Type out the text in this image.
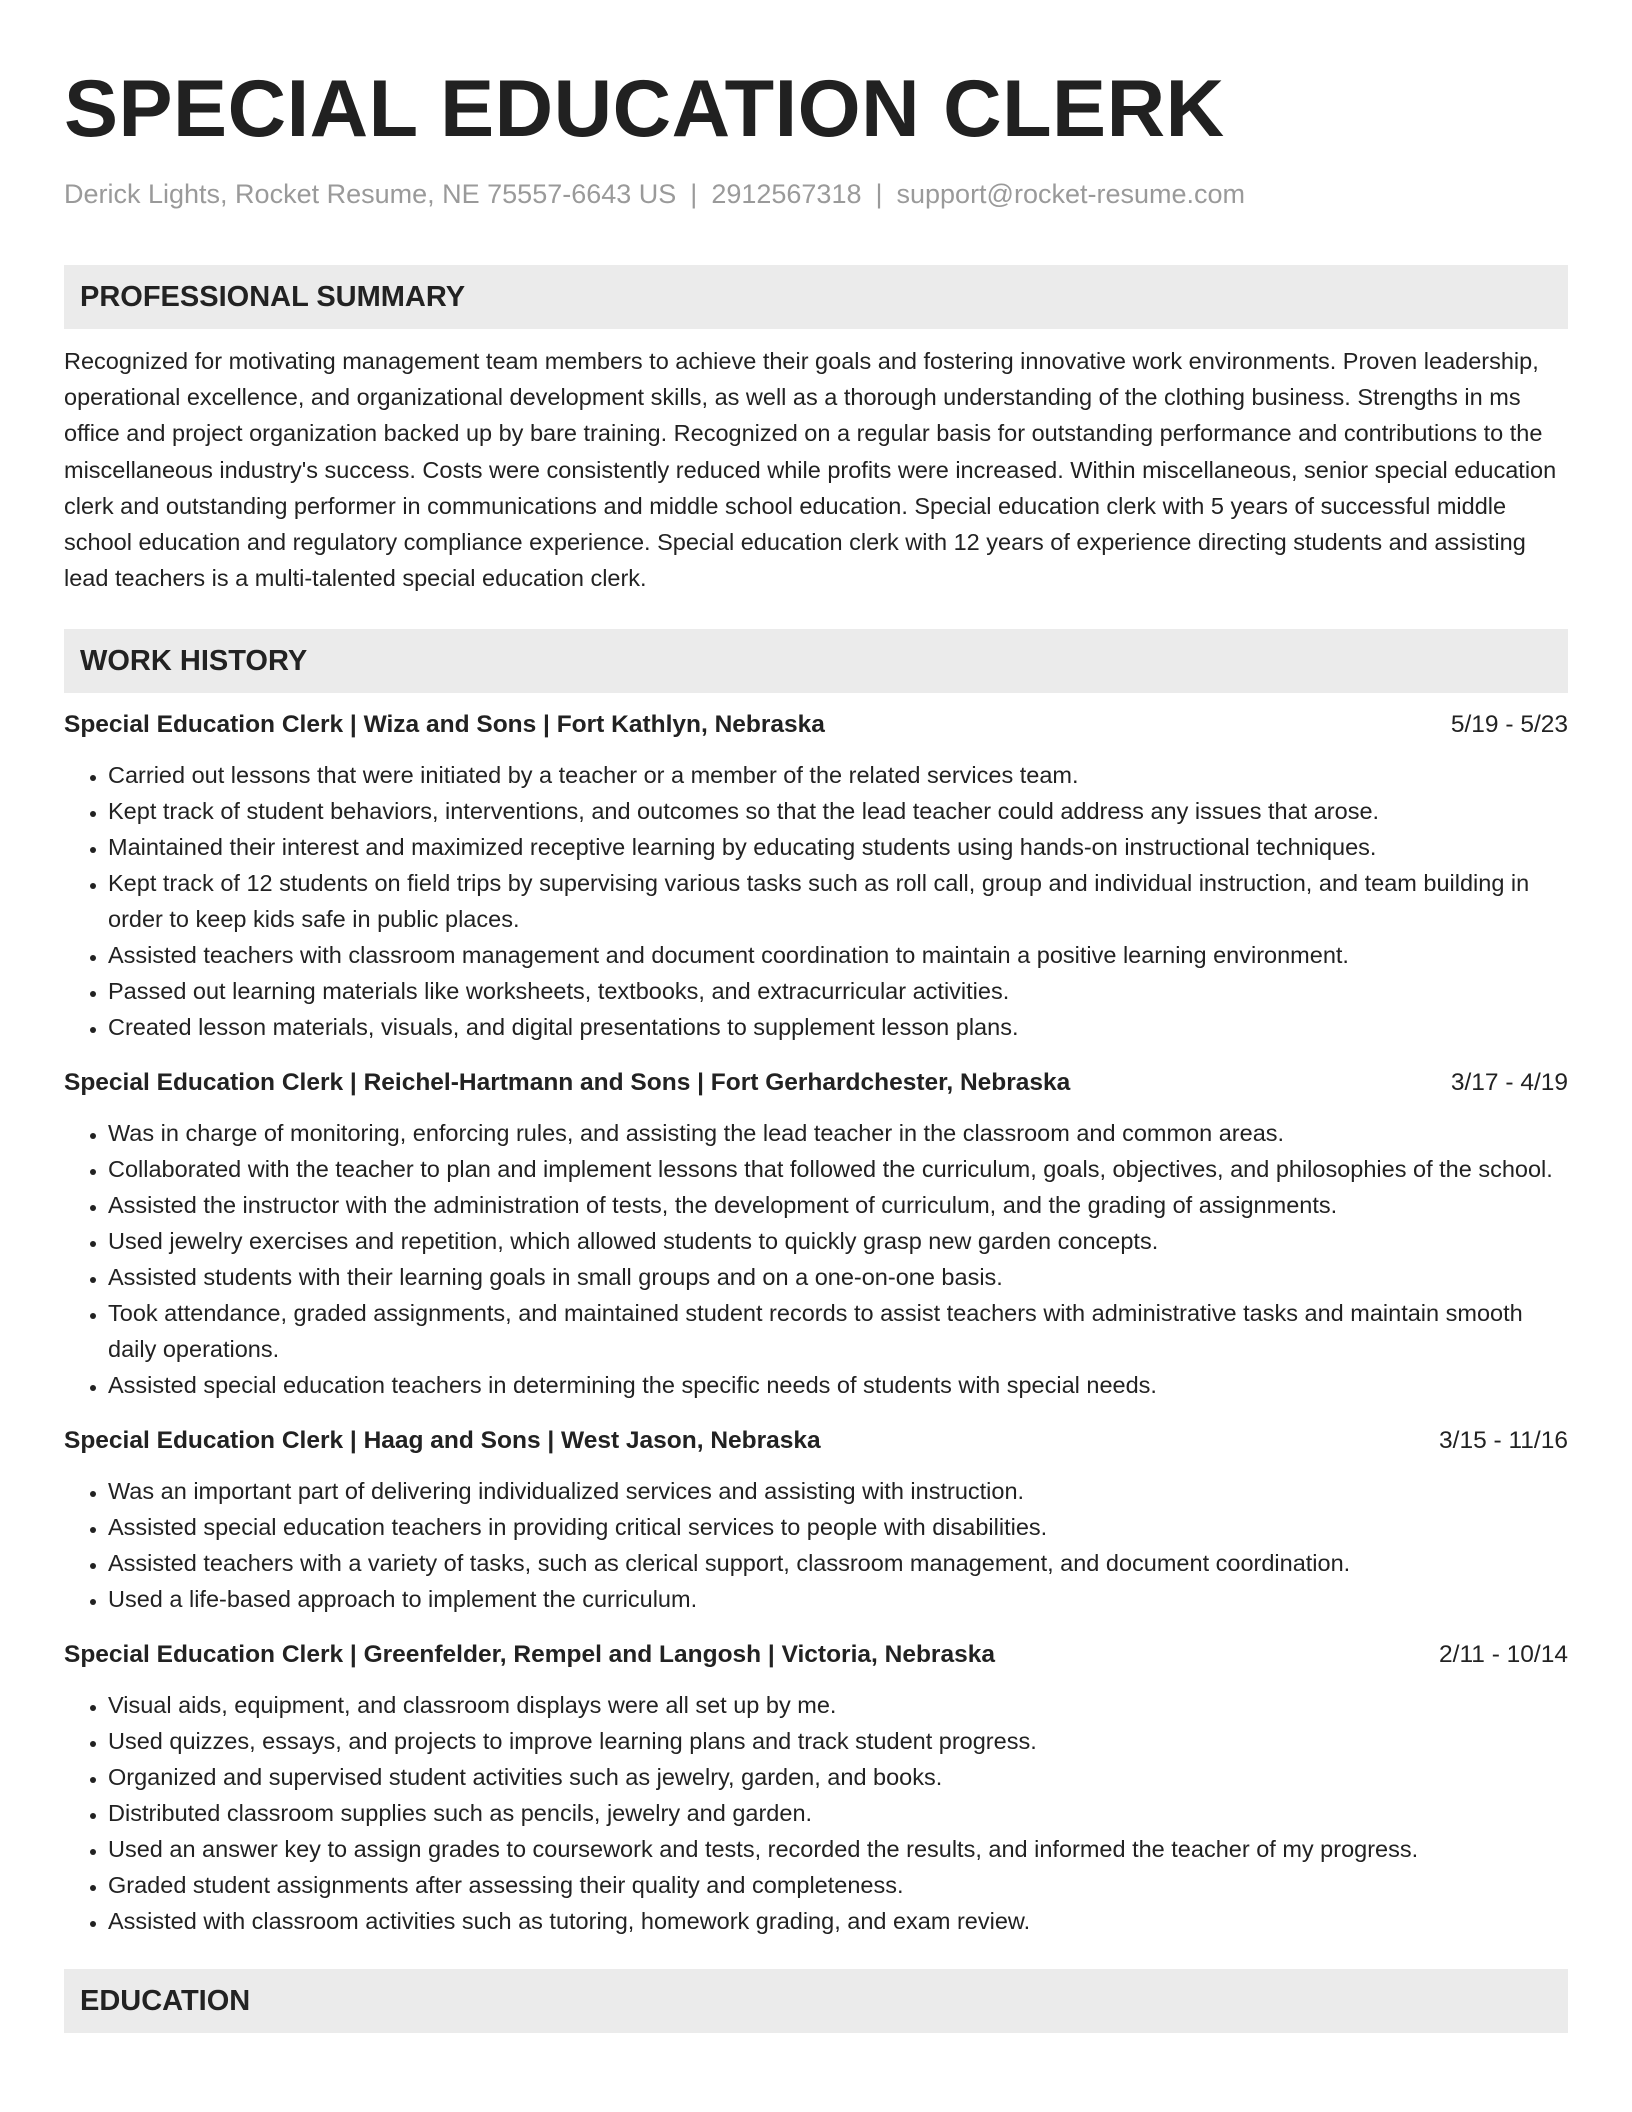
SPECIAL EDUCATION CLERK
Derick Lights, Rocket Resume, NE 75557-6643 US | 2912567318 | support@rocket-resume.com
PROFESSIONAL SUMMARY
Recognized for motivating management team members to achieve their goals and fostering innovative work environments. Proven leadership, operational excellence, and organizational development skills, as well as a thorough understanding of the clothing business. Strengths in ms office and project organization backed up by bare training. Recognized on a regular basis for outstanding performance and contributions to the miscellaneous industry's success. Costs were consistently reduced while profits were increased. Within miscellaneous, senior special education clerk and outstanding performer in communications and middle school education. Special education clerk with 5 years of successful middle school education and regulatory compliance experience. Special education clerk with 12 years of experience directing students and assisting lead teachers is a multi-talented special education clerk.
WORK HISTORY
Special Education Clerk | Wiza and Sons | Fort Kathlyn, Nebraska	5/19 - 5/23
• Carried out lessons that were initiated by a teacher or a member of the related services team.
• Kept track of student behaviors, interventions, and outcomes so that the lead teacher could address any issues that arose.
• Maintained their interest and maximized receptive learning by educating students using hands-on instructional techniques.
• Kept track of 12 students on field trips by supervising various tasks such as roll call, group and individual instruction, and team building in order to keep kids safe in public places.
• Assisted teachers with classroom management and document coordination to maintain a positive learning environment.
• Passed out learning materials like worksheets, textbooks, and extracurricular activities.
• Created lesson materials, visuals, and digital presentations to supplement lesson plans.
Special Education Clerk | Reichel-Hartmann and Sons | Fort Gerhardchester, Nebraska	3/17 - 4/19
• Was in charge of monitoring, enforcing rules, and assisting the lead teacher in the classroom and common areas.
• Collaborated with the teacher to plan and implement lessons that followed the curriculum, goals, objectives, and philosophies of the school.
• Assisted the instructor with the administration of tests, the development of curriculum, and the grading of assignments.
• Used jewelry exercises and repetition, which allowed students to quickly grasp new garden concepts.
• Assisted students with their learning goals in small groups and on a one-on-one basis.
• Took attendance, graded assignments, and maintained student records to assist teachers with administrative tasks and maintain smooth daily operations.
• Assisted special education teachers in determining the specific needs of students with special needs.
Special Education Clerk | Haag and Sons | West Jason, Nebraska	3/15 - 11/16
• Was an important part of delivering individualized services and assisting with instruction.
• Assisted special education teachers in providing critical services to people with disabilities.
• Assisted teachers with a variety of tasks, such as clerical support, classroom management, and document coordination.
• Used a life-based approach to implement the curriculum.
Special Education Clerk | Greenfelder, Rempel and Langosh | Victoria, Nebraska	2/11 - 10/14
• Visual aids, equipment, and classroom displays were all set up by me.
• Used quizzes, essays, and projects to improve learning plans and track student progress.
• Organized and supervised student activities such as jewelry, garden, and books.
• Distributed classroom supplies such as pencils, jewelry and garden.
• Used an answer key to assign grades to coursework and tests, recorded the results, and informed the teacher of my progress.
• Graded student assignments after assessing their quality and completeness.
• Assisted with classroom activities such as tutoring, homework grading, and exam review.
EDUCATION
